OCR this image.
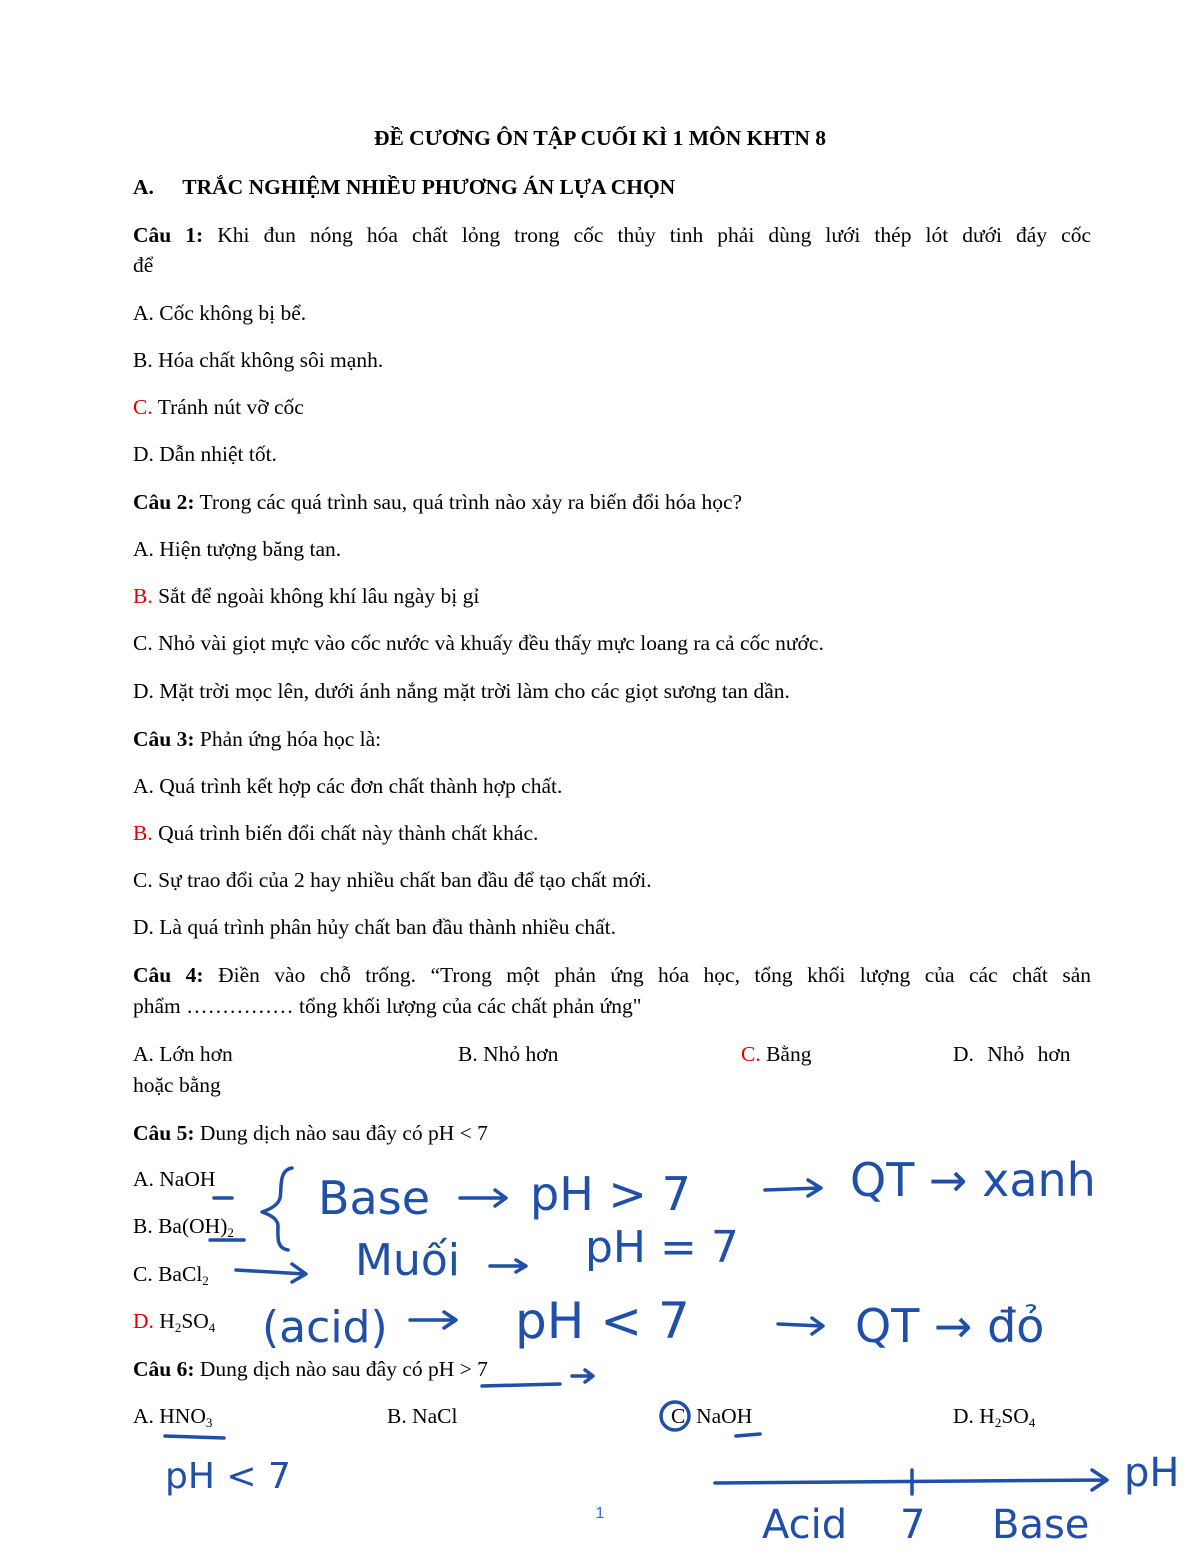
ĐỀ CƯƠNG ÔN TẬP CUỐI KÌ 1 MÔN KHTN 8
A. TRẮC NGHIỆM NHIỀU PHƯƠNG ÁN LỰA CHỌN
Câu 1: Khi đun nóng hóa chất lỏng trong cốc thủy tinh phải dùng lưới thép lót dưới đáy cốc
để
A. Cốc không bị bể.
B. Hóa chất không sôi mạnh.
C. Tránh nút vỡ cốc
D. Dẫn nhiệt tốt.
Câu 2: Trong các quá trình sau, quá trình nào xảy ra biến đổi hóa học?
A. Hiện tượng băng tan.
B. Sắt để ngoài không khí lâu ngày bị gỉ
C. Nhỏ vài giọt mực vào cốc nước và khuấy đều thấy mực loang ra cả cốc nước.
D. Mặt trời mọc lên, dưới ánh nắng mặt trời làm cho các giọt sương tan dần.
Câu 3: Phản ứng hóa học là:
A. Quá trình kết hợp các đơn chất thành hợp chất.
B. Quá trình biến đổi chất này thành chất khác.
C. Sự trao đổi của 2 hay nhiều chất ban đầu để tạo chất mới.
D. Là quá trình phân hủy chất ban đầu thành nhiều chất.
Câu 4: Điền vào chỗ trống. “Trong một phản ứng hóa học, tổng khối lượng của các chất sản
phẩm …………… tổng khối lượng của các chất phản ứng"
A. Lớn hơn	B. Nhỏ hơn	C. Bằng	D. Nhỏ hơn
hoặc bằng
Câu 5: Dung dịch nào sau đây có pH < 7
A. NaOH
B. $Ba(OH)_2$
C. BaCl$_2$
D. $H_2SO_4$
Câu 6: Dung dịch nào sau đây có pH > 7
A. $HNO_3$	B. NaCl	C. NaOH	D. $H_2SO_4$
1
Base pH > 7	QT → xanh
Muối	pH = 7
(acid)	pH < 7	QT → đỏ
pH < 7	pH
Acid 7 Base
